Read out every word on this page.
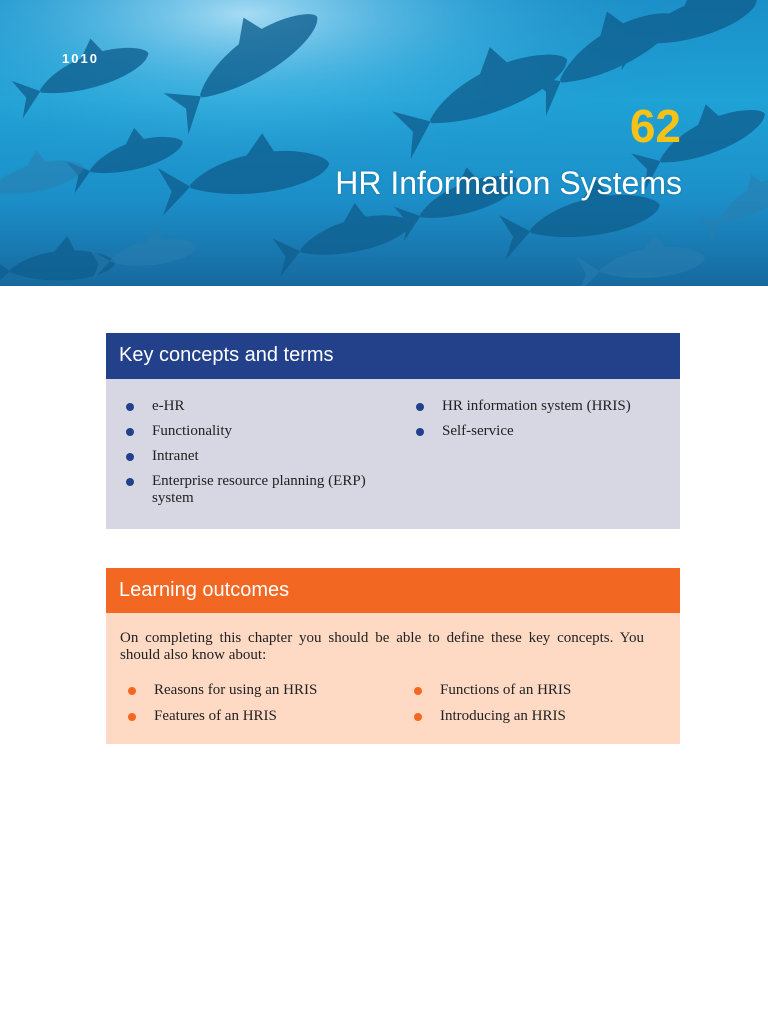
1010
62
HR Information Systems
Key concepts and terms
e-HR
Functionality
Intranet
Enterprise resource planning (ERP) system
HR information system (HRIS)
Self-service
Learning outcomes

On completing this chapter you should be able to define these key concepts. You should also know about:

Reasons for using an HRIS
Features of an HRIS
Functions of an HRIS
Introducing an HRIS
